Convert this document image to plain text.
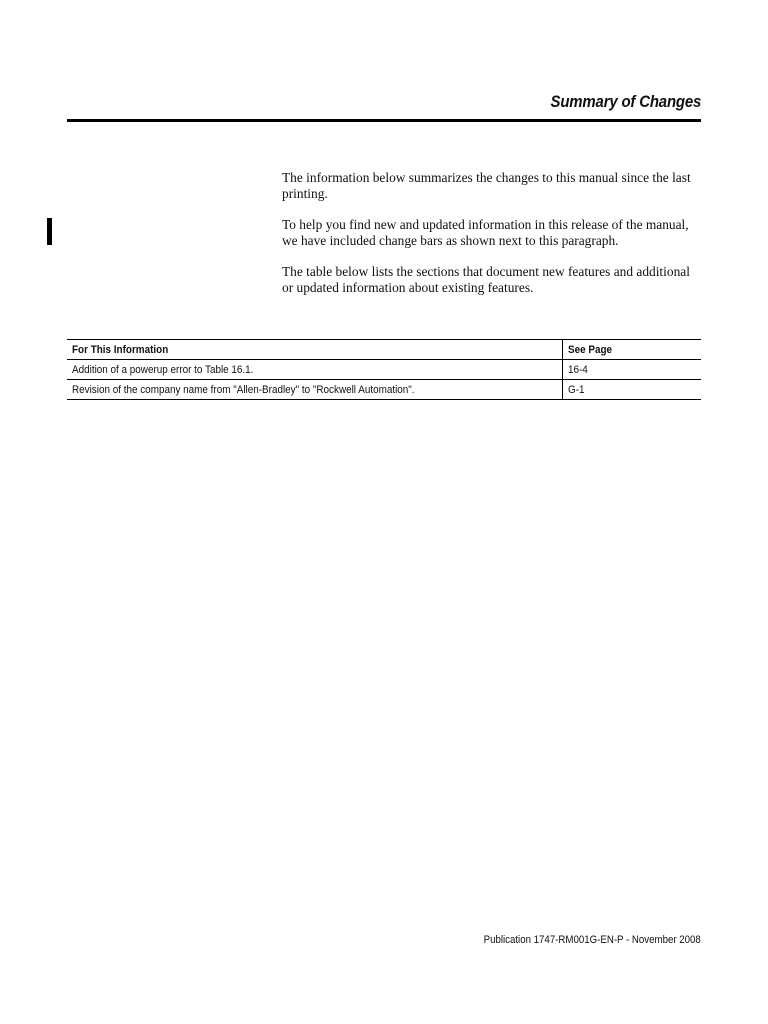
Summary of Changes

The information below summarizes the changes to this manual since the last printing.

To help you find new and updated information in this release of the manual, we have included change bars as shown next to this paragraph.

The table below lists the sections that document new features and additional or updated information about existing features.

For This Information	See Page
Addition of a powerup error to Table 16.1.	16-4
Revision of the company name from "Allen-Bradley" to "Rockwell Automation".	G-1

Publication 1747-RM001G-EN-P - November 2008
